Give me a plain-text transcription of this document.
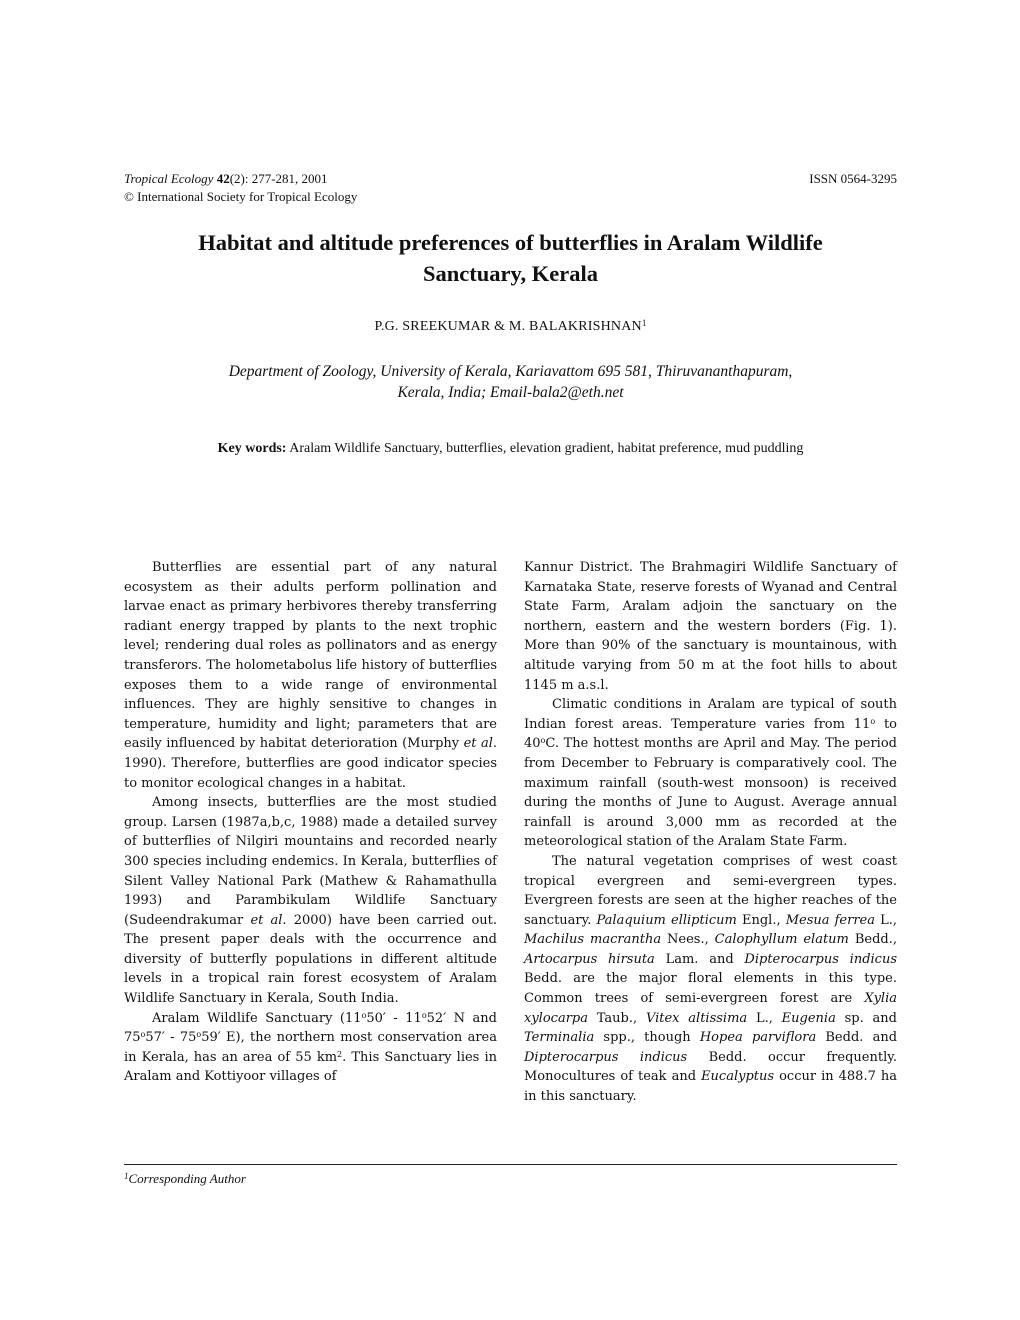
Tropical Ecology 42(2): 277-281, 2001	ISSN 0564-3295
© International Society for Tropical Ecology
Habitat and altitude preferences of butterflies in Aralam Wildlife
Sanctuary, Kerala
P.G. SREEKUMAR & M. BALAKRISHNAN$^1$
Department of Zoology, University of Kerala, Kariavattom 695 581, Thiruvananthapuram,
Kerala, India; Email-bala2@eth.net
Key words: Aralam Wildlife Sanctuary, butterflies, elevation gradient, habitat preference, mud puddling

Butterflies are essential part of any natural ecosystem as their adults perform pollination and larvae enact as primary herbivores thereby transferring radiant energy trapped by plants to the next trophic level; rendering dual roles as pollinators and as energy transferors. The holometabolus life history of butterflies exposes them to a wide range of environmental influences. They are highly sensitive to changes in temperature, humidity and light; parameters that are easily influenced by habitat deterioration (Murphy et al. 1990). Therefore, butterflies are good indicator species to monitor ecological changes in a habitat.

Among insects, butterflies are the most studied group. Larsen (1987a,b,c, 1988) made a detailed survey of butterflies of Nilgiri mountains and recorded nearly 300 species including endemics. In Kerala, butterflies of Silent Valley National Park (Mathew & Rahamathulla 1993) and Parambikulam Wildlife Sanctuary (Sudeendrakumar et al. 2000) have been carried out. The present paper deals with the occurrence and diversity of butterfly populations in different altitude levels in a tropical rain forest ecosystem of Aralam Wildlife Sanctuary in Kerala, South India.

Aralam Wildlife Sanctuary (11$^o$50′ - 11$^o$52′ N and 75$^o$57′ - 75$^o$59′ E), the northern most conservation area in Kerala, has an area of 55 $km^2$. This Sanctuary lies in Aralam and Kottiyoor villages of

Kannur District. The Brahmagiri Wildlife Sanctuary of Karnataka State, reserve forests of Wyanad and Central State Farm, Aralam adjoin the sanctuary on the northern, eastern and the western borders (Fig. 1). More than 90% of the sanctuary is mountainous, with altitude varying from 50 m at the foot hills to about 1145 m a.s.l.

Climatic conditions in Aralam are typical of south Indian forest areas. Temperature varies from 11$^o$ to 40$^o$C. The hottest months are April and May. The period from December to February is comparatively cool. The maximum rainfall (south-west monsoon) is received during the months of June to August. Average annual rainfall is around 3,000 mm as recorded at the meteorological station of the Aralam State Farm.

The natural vegetation comprises of west coast tropical evergreen and semi-evergreen types. Evergreen forests are seen at the higher reaches of the sanctuary. Palaquium ellipticum Engl., Mesua ferrea L., Machilus macrantha Nees., Calophyllum elatum Bedd., Artocarpus hirsuta Lam. and Dipterocarpus indicus Bedd. are the major floral elements in this type. Common trees of semi-evergreen forest are Xylia xylocarpa Taub., Vitex altissima L., Eugenia sp. and Terminalia spp., though Hopea parviflora Bedd. and Dipterocarpus indicus Bedd. occur frequently. Monocultures of teak and Eucalyptus occur in 488.7 ha in this sanctuary.

$^1$Corresponding Author
